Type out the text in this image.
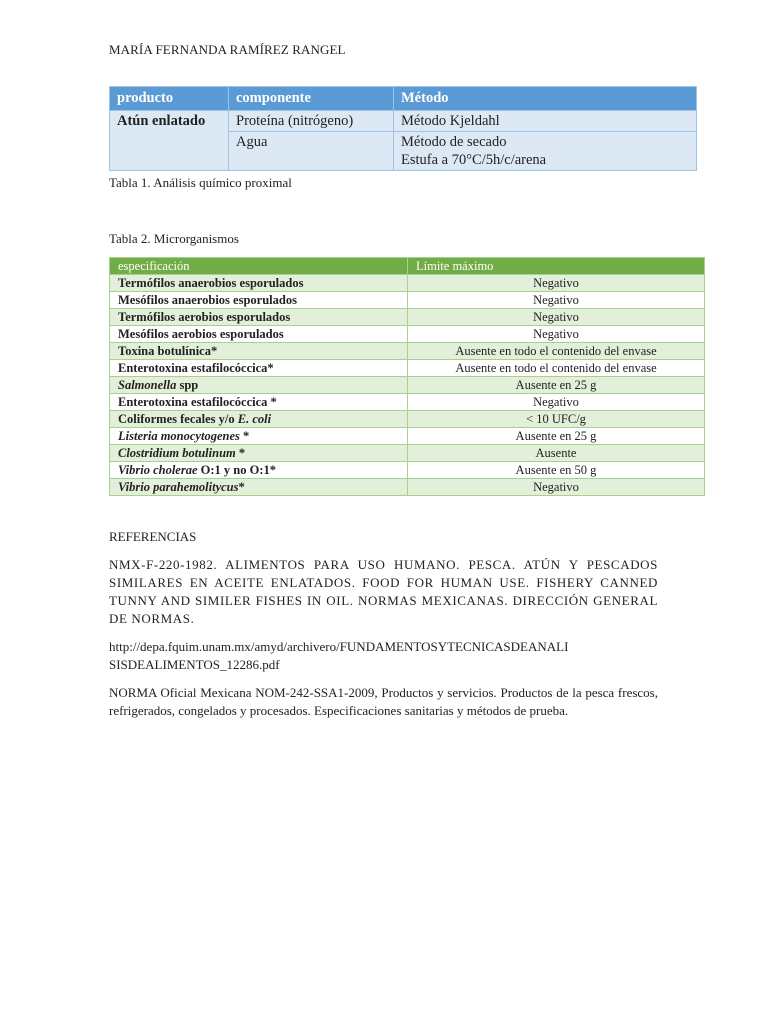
MARÍA FERNANDA RAMÍREZ RANGEL
producto	componente	Método
Atún enlatado	Proteína (nitrógeno)	Método Kjeldahl
	Agua	Método de secado
Estufa a 70°C/5h/c/arena
Tabla 1. Análisis químico proximal
Tabla 2. Microrganismos
especificación	Límite máximo
Termófilos anaerobios esporulados	Negativo
Mesófilos anaerobios esporulados	Negativo
Termófilos aerobios esporulados	Negativo
Mesófilos aerobios esporulados	Negativo
Toxina botulínica*	Ausente en todo el contenido del envase
Enterotoxina estafilocóccica*	Ausente en todo el contenido del envase
Salmonella spp	Ausente en 25 g
Enterotoxina estafilocóccica *	Negativo
Coliformes fecales y/o E. coli	< 10 UFC/g
Listeria monocytogenes *	Ausente en 25 g
Clostridium botulinum *	Ausente
Vibrio cholerae O:1 y no O:1*	Ausente en 50 g
Vibrio parahemolitycus*	Negativo
REFERENCIAS
NMX-F-220-1982. ALIMENTOS PARA USO HUMANO. PESCA. ATÚN Y PESCADOS SIMILARES EN ACEITE ENLATADOS. FOOD FOR HUMAN USE. FISHERY CANNED TUNNY AND SIMILER FISHES IN OIL. NORMAS MEXICANAS. DIRECCIÓN GENERAL DE NORMAS.
http://depa.fquim.unam.mx/amyd/archivero/FUNDAMENTOSYTECNICASDEANALI
SISDEALIMENTOS_12286.pdf
NORMA Oficial Mexicana NOM-242-SSA1-2009, Productos y servicios. Productos de la pesca frescos, refrigerados, congelados y procesados. Especificaciones sanitarias y métodos de prueba.
